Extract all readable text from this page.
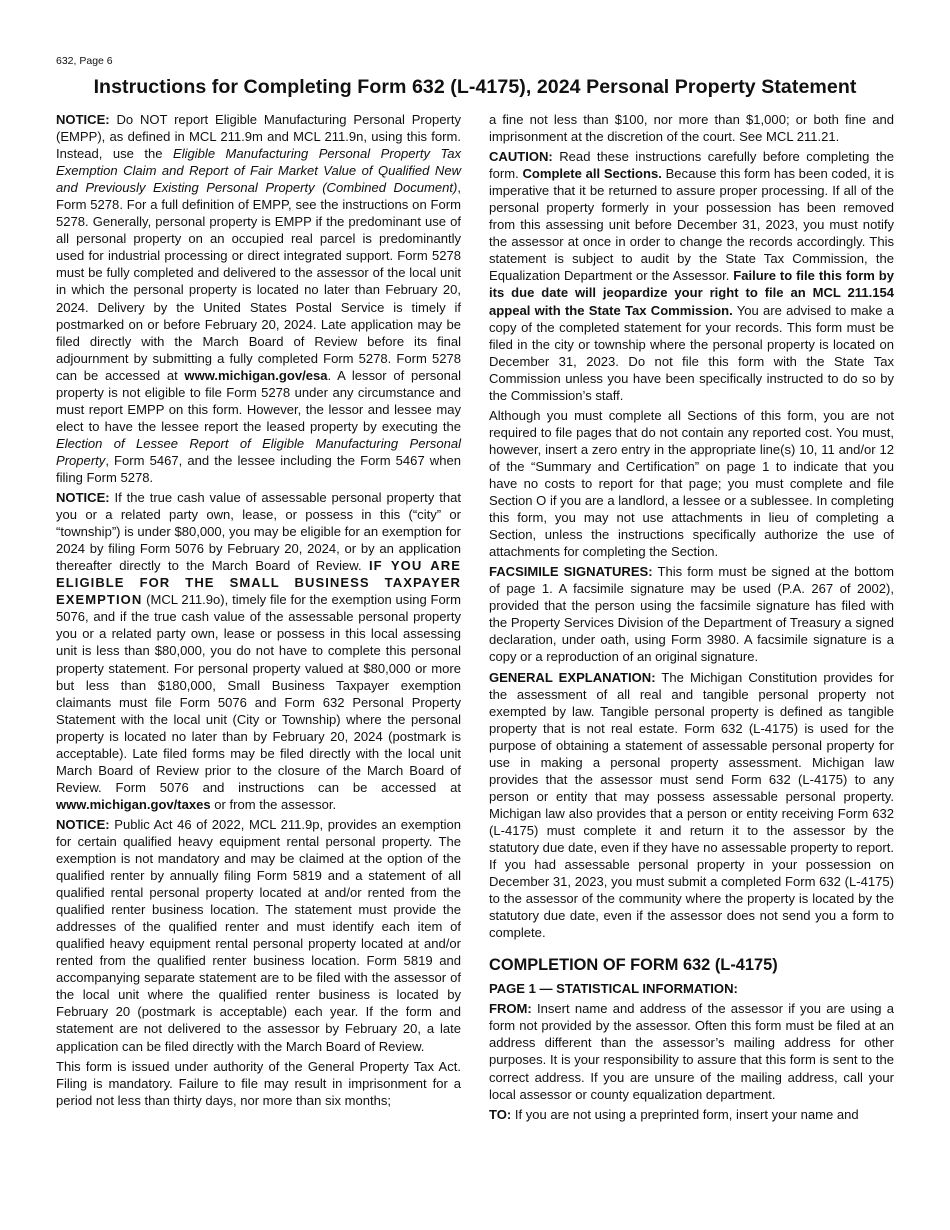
632, Page 6
Instructions for Completing Form 632 (L-4175), 2024 Personal Property Statement

NOTICE: Do NOT report Eligible Manufacturing Personal Property (EMPP), as defined in MCL 211.9m and MCL 211.9n, using this form. Instead, use the Eligible Manufacturing Personal Property Tax Exemption Claim and Report of Fair Market Value of Qualified New and Previously Existing Personal Property (Combined Document), Form 5278. For a full definition of EMPP, see the instructions on Form 5278. Generally, personal property is EMPP if the predominant use of all personal property on an occupied real parcel is predominantly used for industrial processing or direct integrated support. Form 5278 must be fully completed and delivered to the assessor of the local unit in which the personal property is located no later than February 20, 2024. Delivery by the United States Postal Service is timely if postmarked on or before February 20, 2024. Late application may be filed directly with the March Board of Review before its final adjournment by submitting a fully completed Form 5278. Form 5278 can be accessed at www.michigan.gov/esa. A lessor of personal property is not eligible to file Form 5278 under any circumstance and must report EMPP on this form. However, the lessor and lessee may elect to have the lessee report the leased property by executing the Election of Lessee Report of Eligible Manufacturing Personal Property, Form 5467, and the lessee including the Form 5467 when filing Form 5278.

NOTICE: If the true cash value of assessable personal property that you or a related party own, lease, or possess in this (“city” or “township”) is under $80,000, you may be eligible for an exemption for 2024 by filing Form 5076 by February 20, 2024, or by an application thereafter directly to the March Board of Review. IF YOU ARE ELIGIBLE FOR THE SMALL BUSINESS TAXPAYER EXEMPTION (MCL 211.9o), timely file for the exemption using Form 5076, and if the true cash value of the assessable personal property you or a related party own, lease or possess in this local assessing unit is less than $80,000, you do not have to complete this personal property statement. For personal property valued at $80,000 or more but less than $180,000, Small Business Taxpayer exemption claimants must file Form 5076 and Form 632 Personal Property Statement with the local unit (City or Township) where the personal property is located no later than by February 20, 2024 (postmark is acceptable). Late filed forms may be filed directly with the local unit March Board of Review prior to the closure of the March Board of Review. Form 5076 and instructions can be accessed at www.michigan.gov/taxes or from the assessor.

NOTICE: Public Act 46 of 2022, MCL 211.9p, provides an exemption for certain qualified heavy equipment rental personal property. The exemption is not mandatory and may be claimed at the option of the qualified renter by annually filing Form 5819 and a statement of all qualified rental personal property located at and/or rented from the qualified renter business location. The statement must provide the addresses of the qualified renter and must identify each item of qualified heavy equipment rental personal property located at and/or rented from the qualified renter business location. Form 5819 and accompanying separate statement are to be filed with the assessor of the local unit where the qualified renter business is located by February 20 (postmark is acceptable) each year. If the form and statement are not delivered to the assessor by February 20, a late application can be filed directly with the March Board of Review.

This form is issued under authority of the General Property Tax Act. Filing is mandatory. Failure to file may result in imprisonment for a period not less than thirty days, nor more than six months;

a fine not less than $100, nor more than $1,000; or both fine and imprisonment at the discretion of the court. See MCL 211.21.

CAUTION: Read these instructions carefully before completing the form. Complete all Sections. Because this form has been coded, it is imperative that it be returned to assure proper processing. If all of the personal property formerly in your possession has been removed from this assessing unit before December 31, 2023, you must notify the assessor at once in order to change the records accordingly. This statement is subject to audit by the State Tax Commission, the Equalization Department or the Assessor. Failure to file this form by its due date will jeopardize your right to file an MCL 211.154 appeal with the State Tax Commission. You are advised to make a copy of the completed statement for your records. This form must be filed in the city or township where the personal property is located on December 31, 2023. Do not file this form with the State Tax Commission unless you have been specifically instructed to do so by the Commission’s staff.

Although you must complete all Sections of this form, you are not required to file pages that do not contain any reported cost. You must, however, insert a zero entry in the appropriate line(s) 10, 11 and/or 12 of the “Summary and Certification” on page 1 to indicate that you have no costs to report for that page; you must complete and file Section O if you are a landlord, a lessee or a sublessee. In completing this form, you may not use attachments in lieu of completing a Section, unless the instructions specifically authorize the use of attachments for completing the Section.

FACSIMILE SIGNATURES: This form must be signed at the bottom of page 1. A facsimile signature may be used (P.A. 267 of 2002), provided that the person using the facsimile signature has filed with the Property Services Division of the Department of Treasury a signed declaration, under oath, using Form 3980. A facsimile signature is a copy or a reproduction of an original signature.

GENERAL EXPLANATION: The Michigan Constitution provides for the assessment of all real and tangible personal property not exempted by law. Tangible personal property is defined as tangible property that is not real estate. Form 632 (L-4175) is used for the purpose of obtaining a statement of assessable personal property for use in making a personal property assessment. Michigan law provides that the assessor must send Form 632 (L-4175) to any person or entity that may possess assessable personal property. Michigan law also provides that a person or entity receiving Form 632 (L-4175) must complete it and return it to the assessor by the statutory due date, even if they have no assessable property to report. If you had assessable personal property in your possession on December 31, 2023, you must submit a completed Form 632 (L-4175) to the assessor of the community where the property is located by the statutory due date, even if the assessor does not send you a form to complete.

COMPLETION OF FORM 632 (L-4175)
PAGE 1 — STATISTICAL INFORMATION:

FROM: Insert name and address of the assessor if you are using a form not provided by the assessor. Often this form must be filed at an address different than the assessor’s mailing address for other purposes. It is your responsibility to assure that this form is sent to the correct address. If you are unsure of the mailing address, call your local assessor or county equalization department.

TO: If you are not using a preprinted form, insert your name and
